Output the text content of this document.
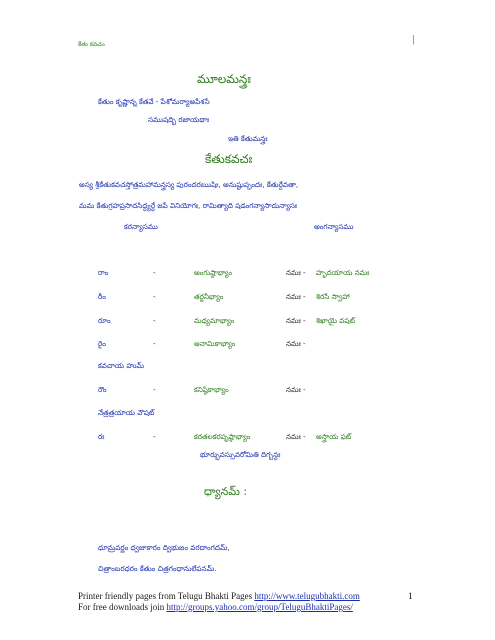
కేతు కవచం	|
మూలమన్త్రః
కేతుం కృష్ణాన్న కేతవే - పేశోమర్యాఅపేశసే
సముషద్భి రజాయథాః
ఇతి కేతుమన్త్రః
కేతుకవచః
అస్య శ్రీకేతుకవచస్తోత్రమహామన్త్రస్య పురందరఋషిః, అనుష్టుప్ఛందః, కేతుర్దేవతా,
మమ కేతుగ్రహప్రసాదసిద్ధ్యర్థే జపే వినియోగః, రామిత్యాది షడంగన్యాసాదున్యాసః
కరన్యాసము	అంగన్యాసము
రాం	-	అంగుష్ఠాభ్యాం	నమః - హృదయాయ నమః
రీం	-	తర్జనీభ్యాం	నమః - శిరసే స్వాహా
రూం	-	మధ్యమాభ్యాం	నమః - శిఖాయై వషట్
రైం	-	అనామికాభ్యాం	నమః -
కవచాయ హుమ్
రౌం	-	కనిష్ఠికాభ్యాం	నమః -
నేత్రత్రయాయ వౌషట్
రః	-	కరతలకరపృష్ఠాభ్యాం	నమః - అస్త్రాయ ఫట్
భూర్భువస్సువరోమితి దిగ్బన్ధః
ధ్యానమ్ :
ధూమ్రవర్ణం ధ్వజాకారం ద్విభుజం వరదాంగదమ్,
చిత్రాంబరధరం కేతుం చిత్రగంధానులేపనమ్.
Printer friendly pages from Telugu Bhakti Pages http://www.telugubhakti.com	1
For free downloads join http://groups.yahoo.com/group/TeluguBhaktiPages/
